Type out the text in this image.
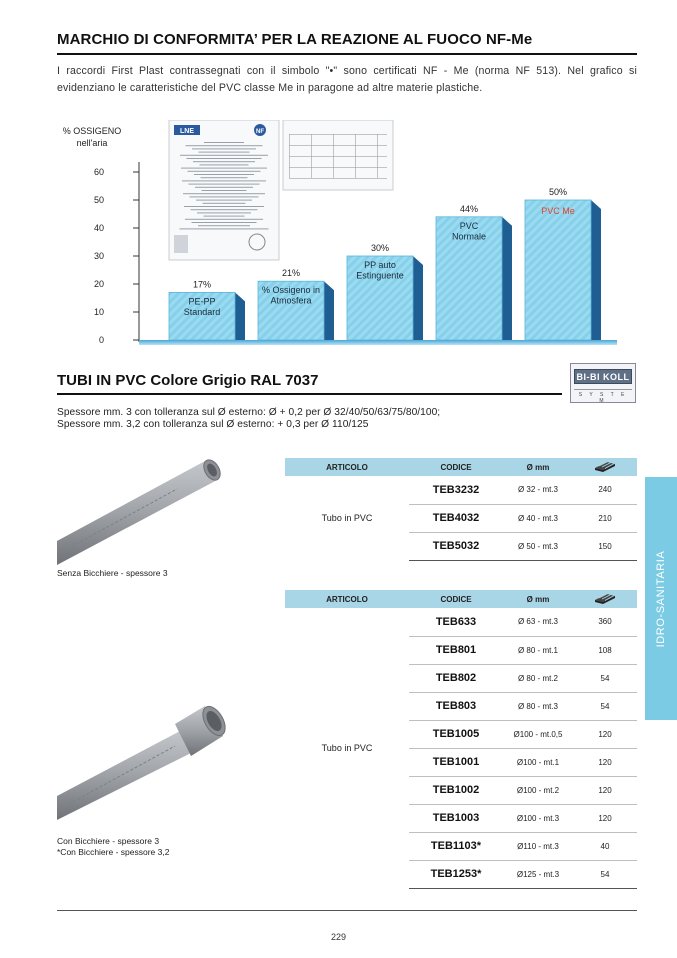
MARCHIO DI CONFORMITA’ PER LA REAZIONE AL FUOCO NF-Me
I raccordi First Plast contrassegnati con il simbolo "•" sono certificati NF - Me (norma NF 513). Nel grafico si evidenziano le caratteristiche del PVC classe Me in paragone ad altre materie plastiche.
0
10
20
30
40
50
60
% OSSIGENO
nell'aria
LNE	NF
17%
PE-PP
Standard
21%
% Ossigeno in
Atmosfera
30%
PP auto
Estinguente
44%
PVC
Normale
50%
PVC Me
TUBI IN PVC Colore Grigio RAL 7037	BI-BI KOLL
S Y S T E M
Spessore mm. 3 con tolleranza sul Ø esterno: Ø + 0,2 per Ø 32/40/50/63/75/80/100;
Spessore mm. 3,2 con tolleranza sul Ø esterno: + 0,3 per Ø 110/125
Senza Bicchiere - spessore 3
Con Bicchiere - spessore 3
*Con Bicchiere - spessore 3,2
ARTICOLO	CODICE	Ø mm	
Tubo in PVC	TEB3232	Ø 32 - mt.3	240
	TEB4032	Ø 40 - mt.3	210
	TEB5032	Ø 50 - mt.3	150
ARTICOLO	CODICE	Ø mm	
Tubo in PVC	TEB633	Ø 63 - mt.3	360
	TEB801	Ø 80 - mt.1	108
	TEB802	Ø 80 - mt.2	54
	TEB803	Ø 80 - mt.3	54
	TEB1005	Ø100 - mt.0,5	120
	TEB1001	Ø100 - mt.1	120
	TEB1002	Ø100 - mt.2	120
	TEB1003	Ø100 - mt.3	120
	TEB1103*	Ø110 - mt.3	40
	TEB1253*	Ø125 - mt.3	54
IDRO-SANITARIA
229
